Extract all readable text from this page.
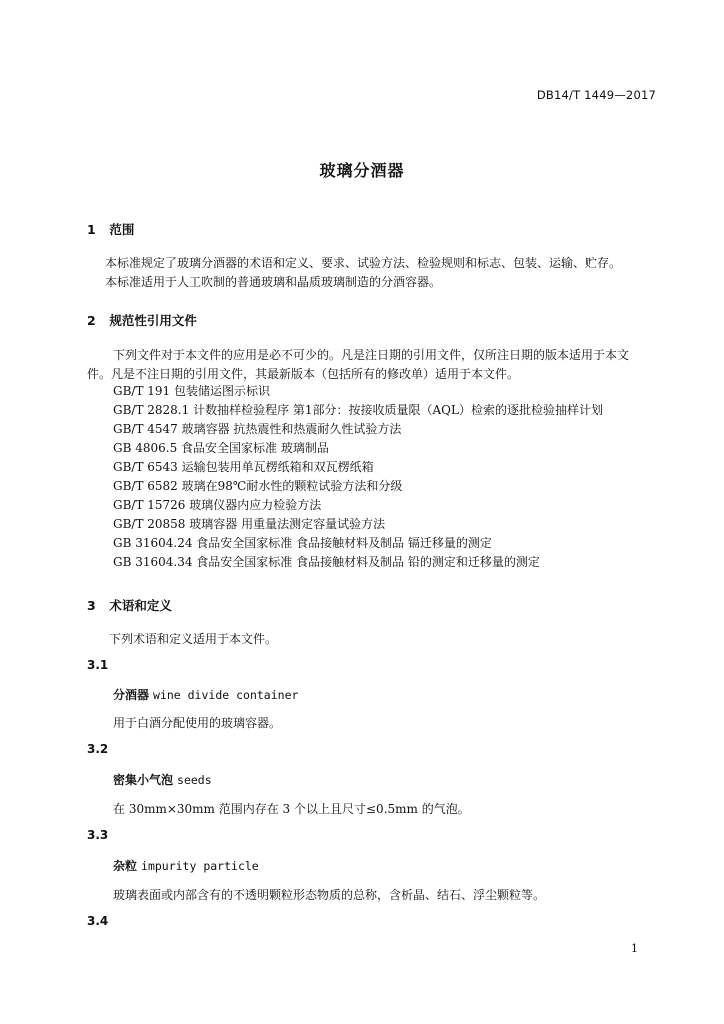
DB14/T 1449—2017
玻璃分酒器
1 范围
本标准规定了玻璃分酒器的术语和定义、要求、试验方法、检验规则和标志、包装、运输、贮存。
本标准适用于人工吹制的普通玻璃和晶质玻璃制造的分酒容器。
2 规范性引用文件
下列文件对于本文件的应用是必不可少的。凡是注日期的引用文件，仅所注日期的版本适用于本文
件。凡是不注日期的引用文件，其最新版本（包括所有的修改单）适用于本文件。
GB/T 191 包装储运图示标识
GB/T 2828.1 计数抽样检验程序 第1部分：按接收质量限（AQL）检索的逐批检验抽样计划
GB/T 4547 玻璃容器 抗热震性和热震耐久性试验方法
GB 4806.5 食品安全国家标准 玻璃制品
GB/T 6543 运输包装用单瓦楞纸箱和双瓦楞纸箱
GB/T 6582 玻璃在98℃耐水性的颗粒试验方法和分级
GB/T 15726 玻璃仪器内应力检验方法
GB/T 20858 玻璃容器 用重量法测定容量试验方法
GB 31604.24 食品安全国家标准 食品接触材料及制品 镉迁移量的测定
GB 31604.34 食品安全国家标准 食品接触材料及制品 铅的测定和迁移量的测定
3 术语和定义
下列术语和定义适用于本文件。
3.1
分酒器 wine divide container
用于白酒分配使用的玻璃容器。
3.2
密集小气泡 seeds
在 30mm×30mm 范围内存在 3 个以上且尺寸≤0.5mm 的气泡。
3.3
杂粒 impurity particle
玻璃表面或内部含有的不透明颗粒形态物质的总称，含析晶、结石、浮尘颗粒等。
3.4
1
